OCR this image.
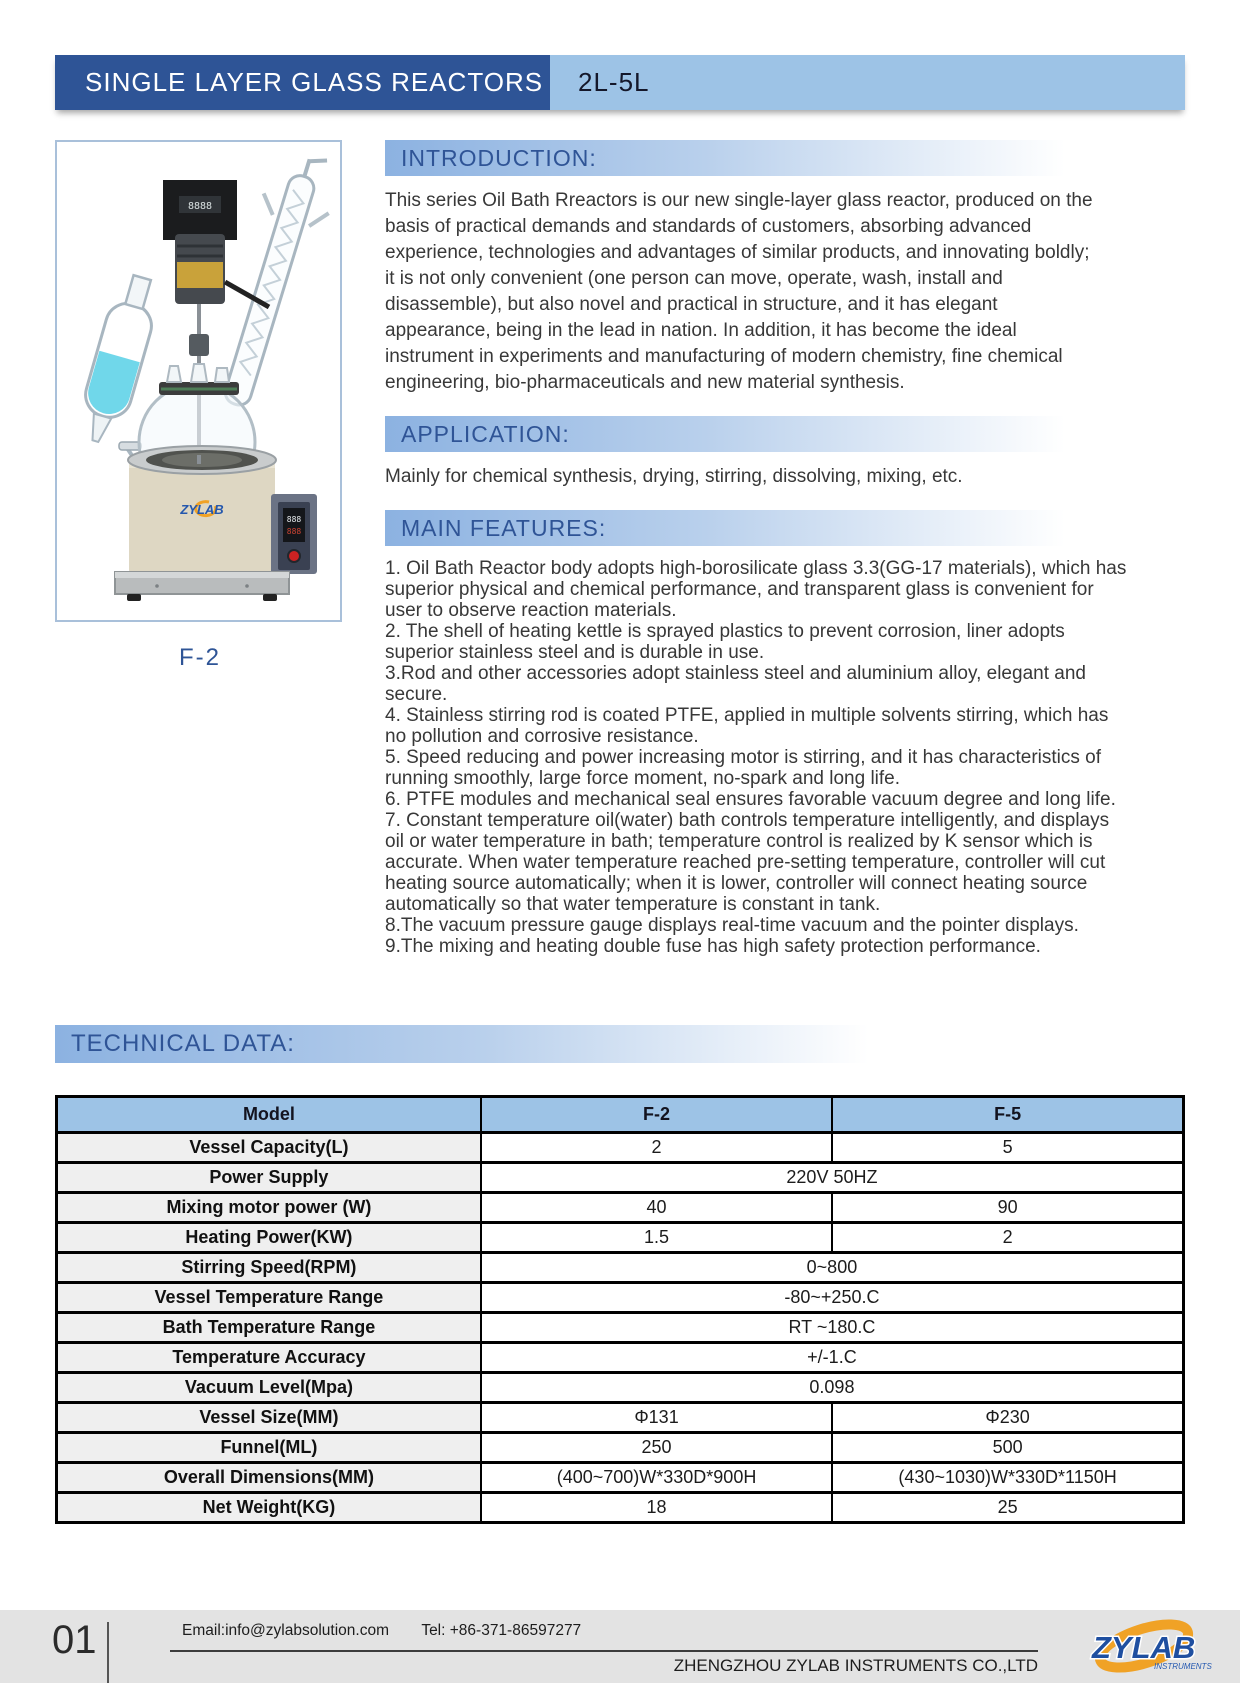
SINGLE LAYER GLASS REACTORS 2L-5L
8888
ZYLAB
888
888
F-2
INTRODUCTION:

This series Oil Bath Rreactors is our new single-layer glass reactor, produced on the basis of practical demands and standards of customers, absorbing advanced experience, technologies and advantages of similar products, and innovating boldly; it is not only convenient (one person can move, operate, wash, install and disassemble), but also novel and practical in structure, and it has elegant appearance, being in the lead in nation. In addition, it has become the ideal instrument in experiments and manufacturing of modern chemistry, fine chemical engineering, bio-pharmaceuticals and new material synthesis.

APPLICATION:

Mainly for chemical synthesis, drying, stirring, dissolving, mixing, etc.

MAIN FEATURES:
1. Oil Bath Reactor body adopts high-borosilicate glass 3.3(GG-17 materials), which has superior physical and chemical performance, and transparent glass is convenient for user to observe reaction materials.
2. The shell of heating kettle is sprayed plastics to prevent corrosion, liner adopts superior stainless steel and is durable in use.
3.Rod and other accessories adopt stainless steel and aluminium alloy, elegant and secure.
4. Stainless stirring rod is coated PTFE, applied in multiple solvents stirring, which has no pollution and corrosive resistance.
5. Speed reducing and power increasing motor is stirring, and it has characteristics of running smoothly, large force moment, no-spark and long life.
6. PTFE modules and mechanical seal ensures favorable vacuum degree and long life.
7. Constant temperature oil(water) bath controls temperature intelligently, and displays oil or water temperature in bath; temperature control is realized by K sensor which is accurate. When water temperature reached pre-setting temperature, controller will cut heating source automatically; when it is lower, controller will connect heating source automatically so that water temperature is constant in tank.
8.The vacuum pressure gauge displays real-time vacuum and the pointer displays.
9.The mixing and heating double fuse has high safety protection performance.
TECHNICAL DATA:
Model	F-2	F-5
Vessel Capacity(L)	2	5
Power Supply	220V 50HZ	
Mixing motor power (W)	40	90
Heating Power(KW)	1.5	2
Stirring Speed(RPM)	0~800	
Vessel Temperature Range	-80~+250.C	
Bath Temperature Range	RT ~180.C	
Temperature Accuracy	+/-1.C	
Vacuum Level(Mpa)	0.098	
Vessel Size(MM)	Φ131	Φ230
Funnel(ML)	250	500
Overall Dimensions(MM)	(400~700)W*330D*900H	(430~1030)W*330D*1150H
Net Weight(KG)	18	25
01	Email:info@zylabsolution.com Tel: +86-371-86597277
ZHENGZHOU ZYLAB INSTRUMENTS CO.,LTD
ZYLAB
INSTRUMENTS
